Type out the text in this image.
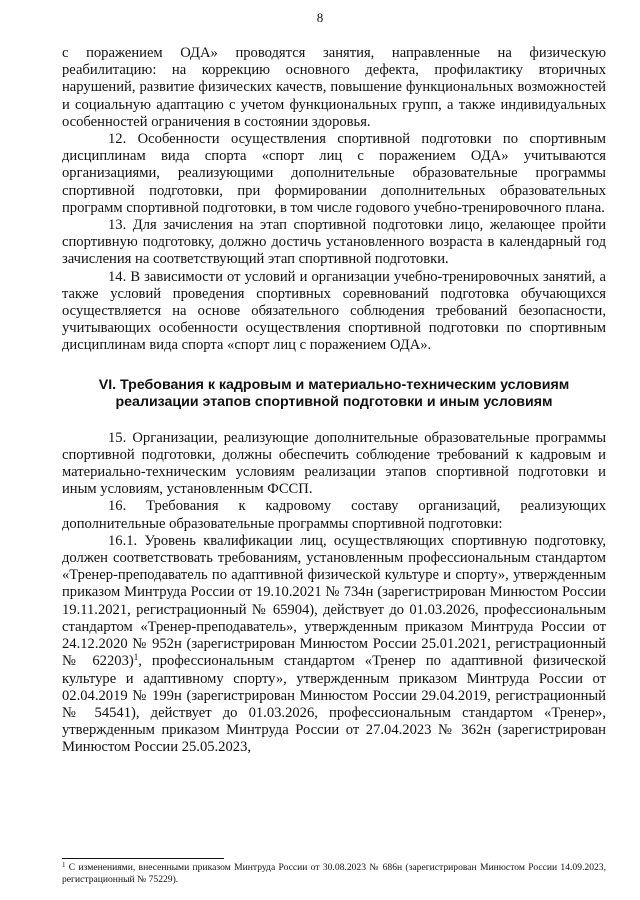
8

с поражением ОДА» проводятся занятия, направленные на физическую реабилитацию: на коррекцию основного дефекта, профилактику вторичных нарушений, развитие физических качеств, повышение функциональных возможностей и социальную адаптацию с учетом функциональных групп, а также индивидуальных особенностей ограничения в состоянии здоровья.

12. Особенности осуществления спортивной подготовки по спортивным дисциплинам вида спорта «спорт лиц с поражением ОДА» учитываются организациями, реализующими дополнительные образовательные программы спортивной подготовки, при формировании дополнительных образовательных программ спортивной подготовки, в том числе годового учебно-тренировочного плана.

13. Для зачисления на этап спортивной подготовки лицо, желающее пройти спортивную подготовку, должно достичь установленного возраста в календарный год зачисления на соответствующий этап спортивной подготовки.

14. В зависимости от условий и организации учебно-тренировочных занятий, а также условий проведения спортивных соревнований подготовка обучающихся осуществляется на основе обязательного соблюдения требований безопасности, учитывающих особенности осуществления спортивной подготовки по спортивным дисциплинам вида спорта «спорт лиц с поражением ОДА».

VI. Требования к кадровым и материально-техническим условиям реализации этапов спортивной подготовки и иным условиям

15. Организации, реализующие дополнительные образовательные программы спортивной подготовки, должны обеспечить соблюдение требований к кадровым и материально-техническим условиям реализации этапов спортивной подготовки и иным условиям, установленным ФССП.

16. Требования к кадровому составу организаций, реализующих дополнительные образовательные программы спортивной подготовки:

16.1. Уровень квалификации лиц, осуществляющих спортивную подготовку, должен соответствовать требованиям, установленным профессиональным стандартом «Тренер-преподаватель по адаптивной физической культуре и спорту», утвержденным приказом Минтруда России от 19.10.2021 № 734н (зарегистрирован Минюстом России 19.11.2021, регистрационный № 65904), действует до 01.03.2026, профессиональным стандартом «Тренер-преподаватель», утвержденным приказом Минтруда России от 24.12.2020 № 952н (зарегистрирован Минюстом России 25.01.2021, регистрационный № 62203)$^1$, профессиональным стандартом «Тренер по адаптивной физической культуре и адаптивному спорту», утвержденным приказом Минтруда России от 02.04.2019 № 199н (зарегистрирован Минюстом России 29.04.2019, регистрационный № 54541), действует до 01.03.2026, профессиональным стандартом «Тренер», утвержденным приказом Минтруда России от 27.04.2023 № 362н (зарегистрирован Минюстом России 25.05.2023,

$^1$ С изменениями, внесенными приказом Минтруда России от 30.08.2023 № 686н (зарегистрирован Минюстом России 14.09.2023, регистрационный № 75229).
